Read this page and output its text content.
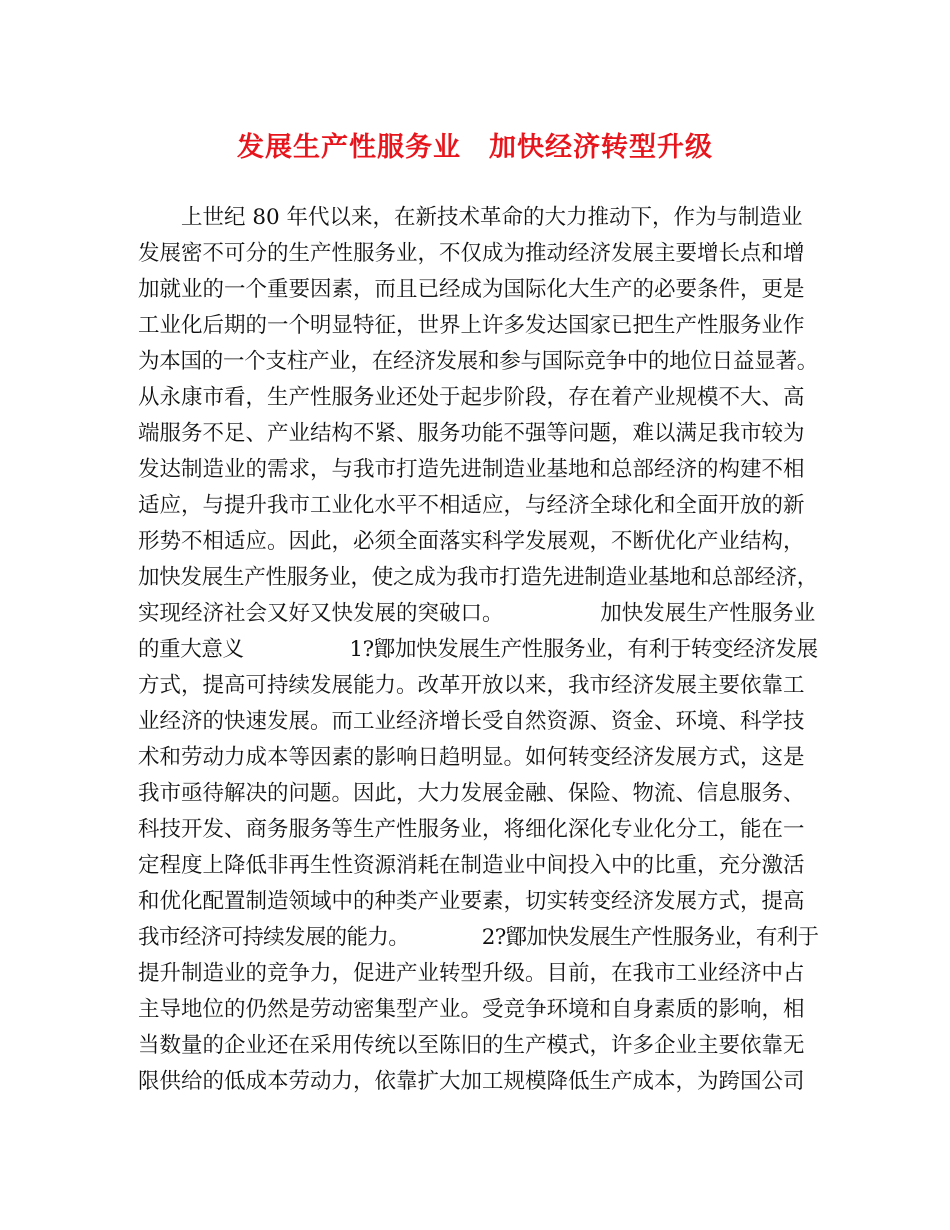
发展生产性服务业　加快经济转型升级
　　上世纪 80 年代以来，在新技术革命的大力推动下，作为与制造业
发展密不可分的生产性服务业，不仅成为推动经济发展主要增长点和增
加就业的一个重要因素，而且已经成为国际化大生产的必要条件，更是
工业化后期的一个明显特征，世界上许多发达国家已把生产性服务业作
为本国的一个支柱产业，在经济发展和参与国际竞争中的地位日益显著。
从永康市看，生产性服务业还处于起步阶段，存在着产业规模不大、高
端服务不足、产业结构不紧、服务功能不强等问题，难以满足我市较为
发达制造业的需求，与我市打造先进制造业基地和总部经济的构建不相
适应，与提升我市工业化水平不相适应，与经济全球化和全面开放的新
形势不相适应。因此，必须全面落实科学发展观，不断优化产业结构，
加快发展生产性服务业，使之成为我市打造先进制造业基地和总部经济，
实现经济社会又好又快发展的突破口。　　　　　加快发展生产性服务业
的重大意义　　　　　1?鄮加快发展生产性服务业，有利于转变经济发展
方式，提高可持续发展能力。改革开放以来，我市经济发展主要依靠工
业经济的快速发展。而工业经济增长受自然资源、资金、环境、科学技
术和劳动力成本等因素的影响日趋明显。如何转变经济发展方式，这是
我市亟待解决的问题。因此，大力发展金融、保险、物流、信息服务、
科技开发、商务服务等生产性服务业，将细化深化专业化分工，能在一
定程度上降低非再生性资源消耗在制造业中间投入中的比重，充分激活
和优化配置制造领域中的种类产业要素，切实转变经济发展方式，提高
我市经济可持续发展的能力。　　　　2?鄮加快发展生产性服务业，有利于
提升制造业的竞争力，促进产业转型升级。目前，在我市工业经济中占
主导地位的仍然是劳动密集型产业。受竞争环境和自身素质的影响，相
当数量的企业还在采用传统以至陈旧的生产模式，许多企业主要依靠无
限供给的低成本劳动力，依靠扩大加工规模降低生产成本，为跨国公司
